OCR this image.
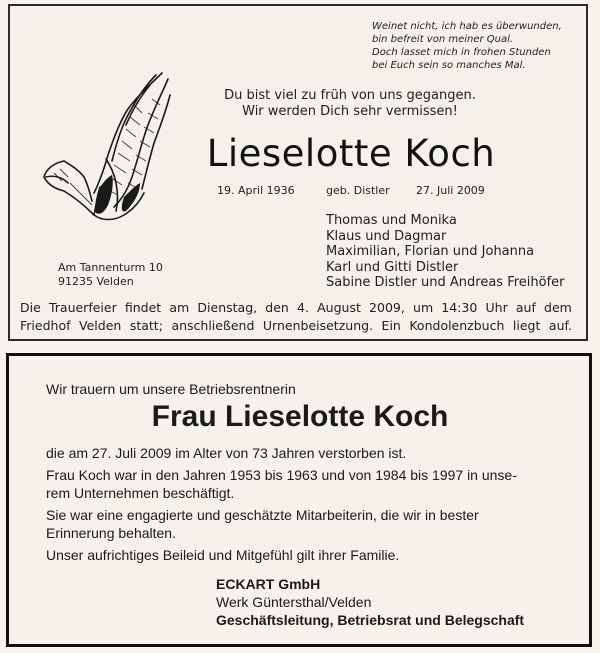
Weinet nicht, ich hab es überwunden,
bin befreit von meiner Qual.
Doch lasset mich in frohen Stunden
bei Euch sein so manches Mal.
Du bist viel zu früh von uns gegangen.
Wir werden Dich sehr vermissen!
Lieselotte Koch
19. April 1936	geb. Distler 27. Juli 2009
Thomas und Monika
Klaus und Dagmar
Maximilian, Florian und Johanna
Karl und Gitti Distler
Sabine Distler und Andreas Freihöfer
Am Tannenturm 10
91235 Velden
Die Trauerfeier findet am Dienstag, den 4. August 2009, um 14:30 Uhr auf dem
Friedhof Velden statt; anschließend Urnenbeisetzung. Ein Kondolenzbuch liegt auf.
Wir trauern um unsere Betriebsrentnerin
Frau Lieselotte Koch
die am 27. Juli 2009 im Alter von 73 Jahren verstorben ist.
Frau Koch war in den Jahren 1953 bis 1963 und von 1984 bis 1997 in unse-
rem Unternehmen beschäftigt.
Sie war eine engagierte und geschätzte Mitarbeiterin, die wir in bester
Erinnerung behalten.
Unser aufrichtiges Beileid und Mitgefühl gilt ihrer Familie.
ECKART GmbH
Werk Güntersthal/Velden
Geschäftsleitung, Betriebsrat und Belegschaft
